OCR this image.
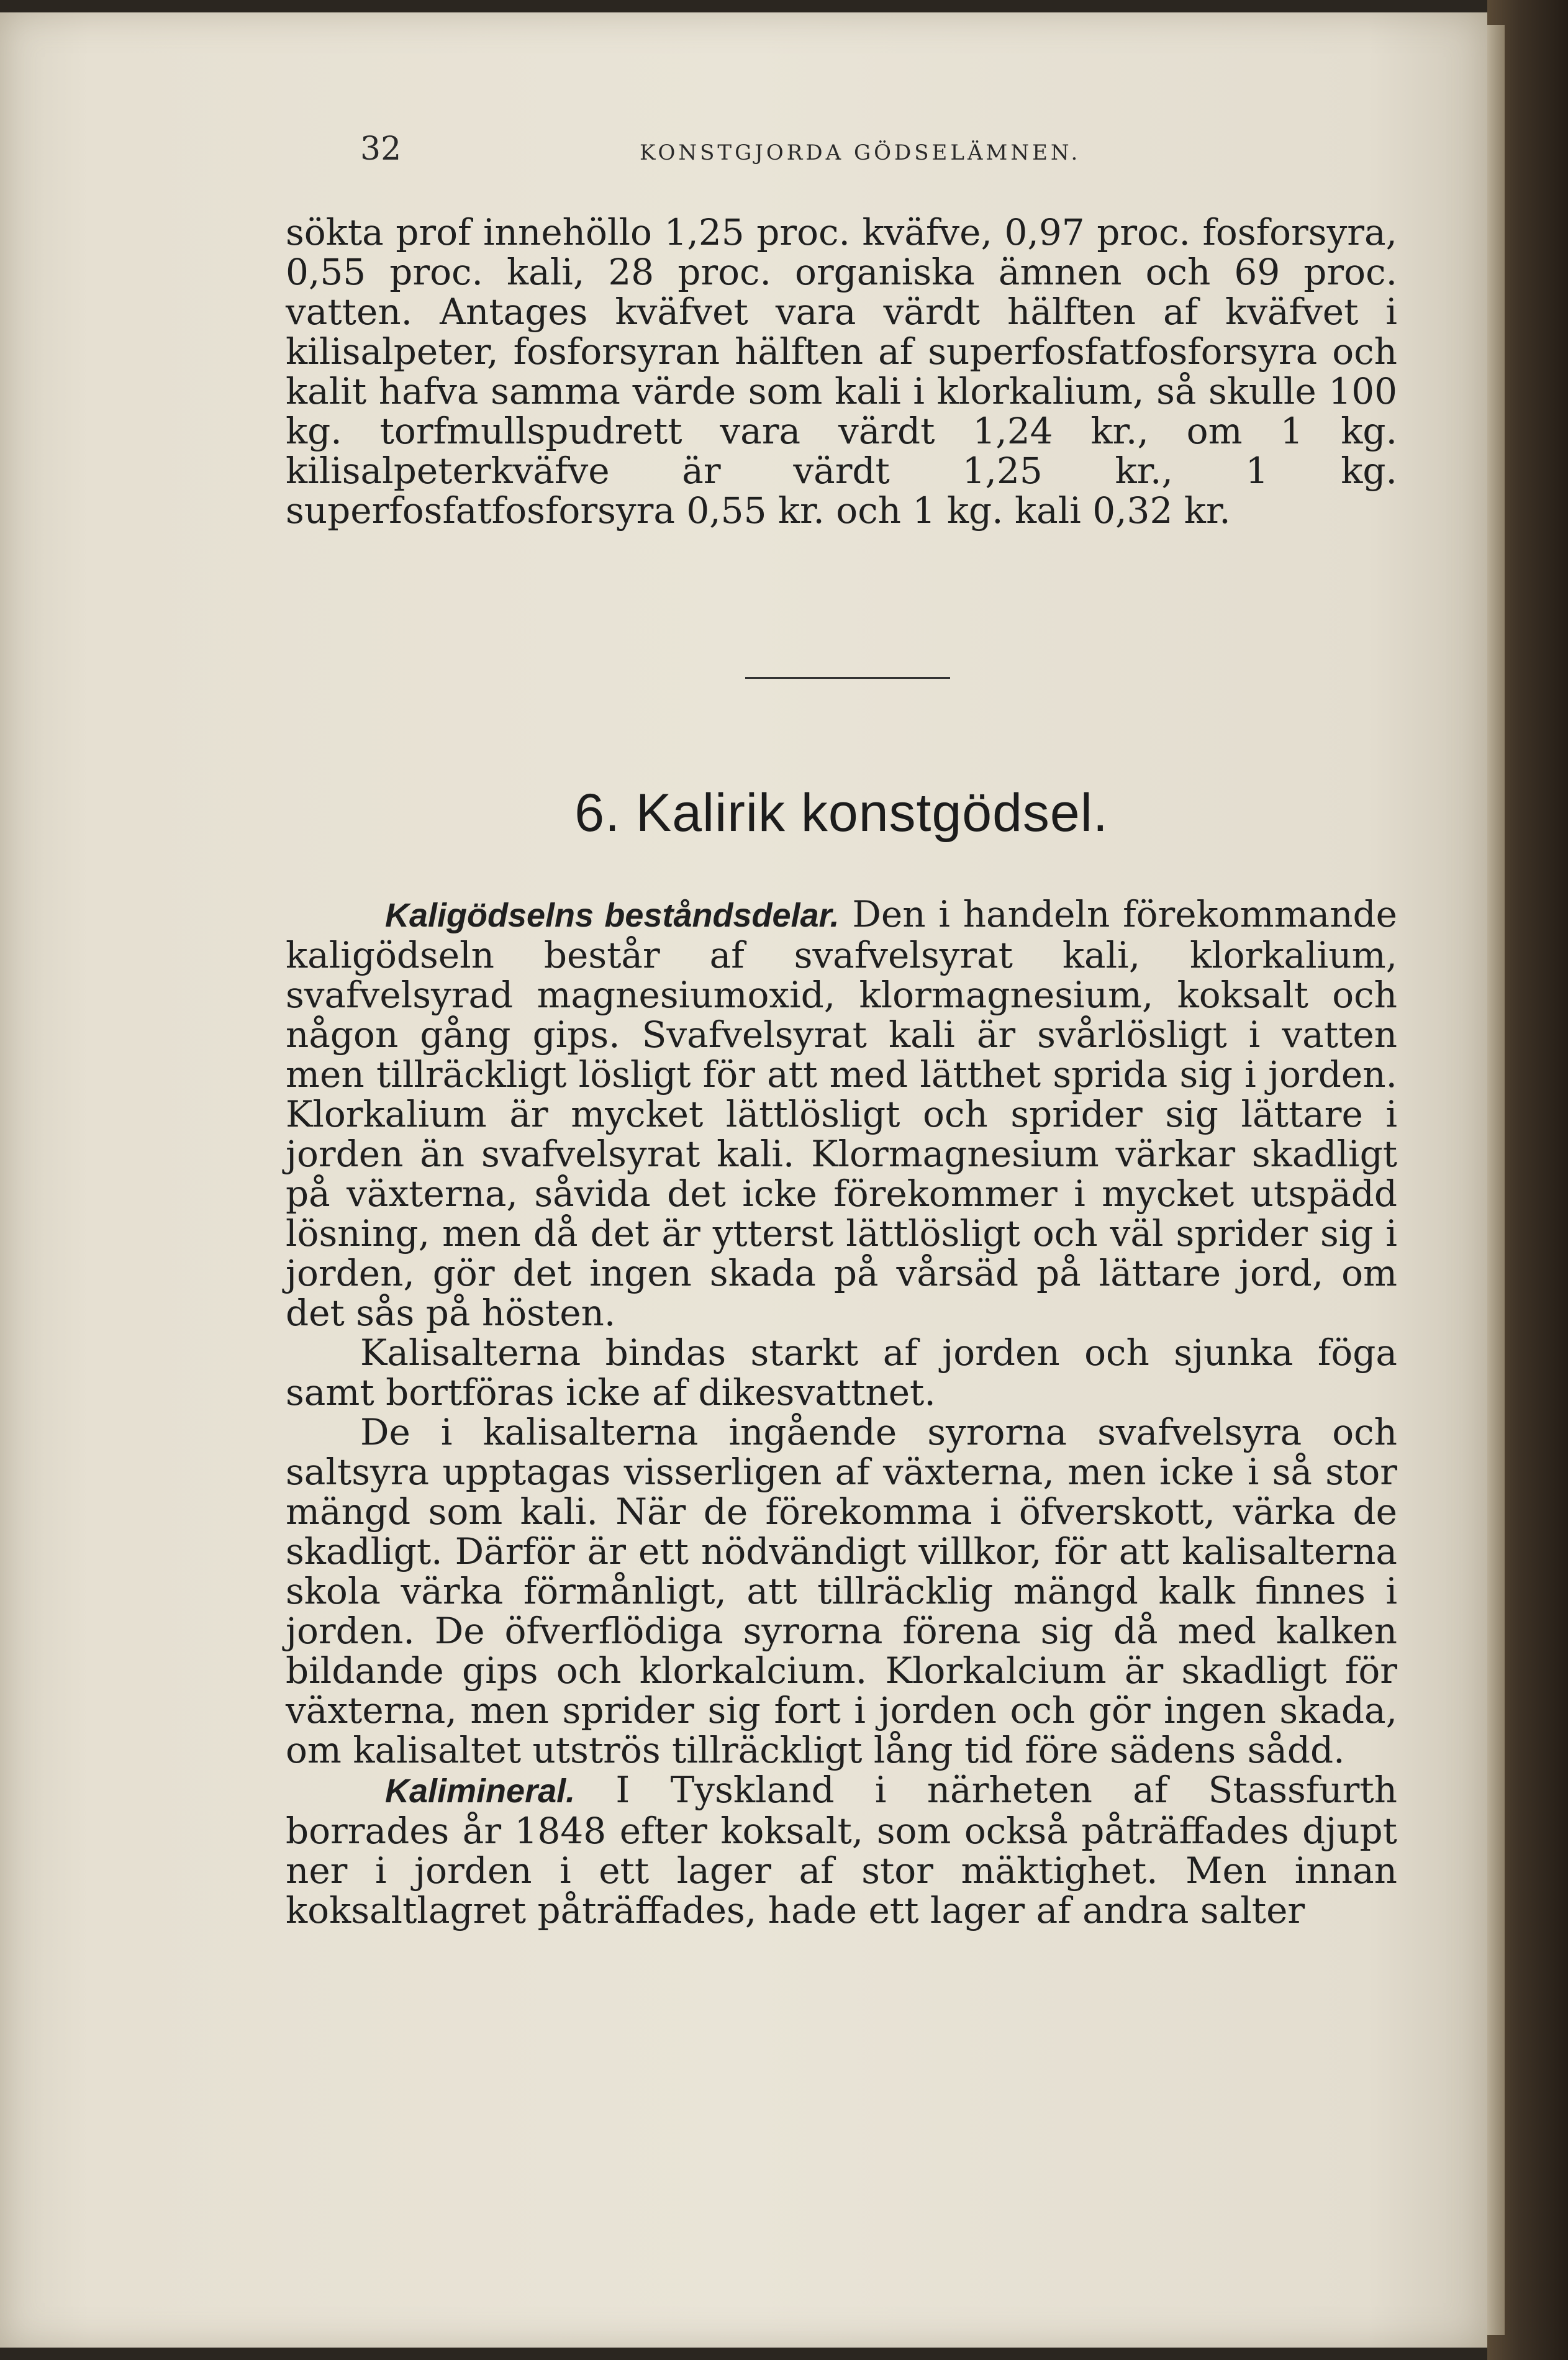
32	KONSTGJORDA GÖDSELÄMNEN.
sökta prof innehöllo 1,25 proc. kväfve, 0,97 proc. fosforsyra, 0,55 proc. kali, 28 proc. organiska ämnen och 69 proc. vatten. Antages kväfvet vara värdt hälften af kväfvet i kilisalpeter, fosforsyran hälften af superfosfatfosforsyra och kalit hafva samma värde som kali i klorkalium, så skulle 100 kg. torfmullspudrett vara värdt 1,24 kr., om 1 kg. kilisalpeterkväfve är värdt 1,25 kr., 1 kg. superfosfatfosforsyra 0,55 kr. och 1 kg. kali 0,32 kr.
6. Kalirik konstgödsel.

Kaligödselns beståndsdelar. Den i handeln förekommande kaligödseln består af svafvelsyrat kali, klorkalium, svafvelsyrad magnesiumoxid, klormagnesium, koksalt och någon gång gips. Svafvelsyrat kali är svårlösligt i vatten men tillräckligt lösligt för att med lätthet sprida sig i jorden. Klorkalium är mycket lättlösligt och sprider sig lättare i jorden än svafvelsyrat kali. Klormagnesium värkar skadligt på växterna, såvida det icke förekommer i mycket utspädd lösning, men då det är ytterst lättlösligt och väl sprider sig i jorden, gör det ingen skada på vårsäd på lättare jord, om det sås på hösten.

Kalisalterna bindas starkt af jorden och sjunka föga samt bortföras icke af dikesvattnet.

De i kalisalterna ingående syrorna svafvelsyra och saltsyra upptagas visserligen af växterna, men icke i så stor mängd som kali. När de förekomma i öfverskott, värka de skadligt. Därför är ett nödvändigt villkor, för att kalisalterna skola värka förmånligt, att tillräcklig mängd kalk finnes i jorden. De öfverflödiga syrorna förena sig då med kalken bildande gips och klorkalcium. Klorkalcium är skadligt för växterna, men sprider sig fort i jorden och gör ingen skada, om kalisaltet utströs tillräckligt lång tid före sädens sådd.

Kalimineral. I Tyskland i närheten af Stassfurth borrades år 1848 efter koksalt, som också påträffades djupt ner i jorden i ett lager af stor mäktighet. Men innan koksaltlagret påträffades, hade ett lager af andra salter
